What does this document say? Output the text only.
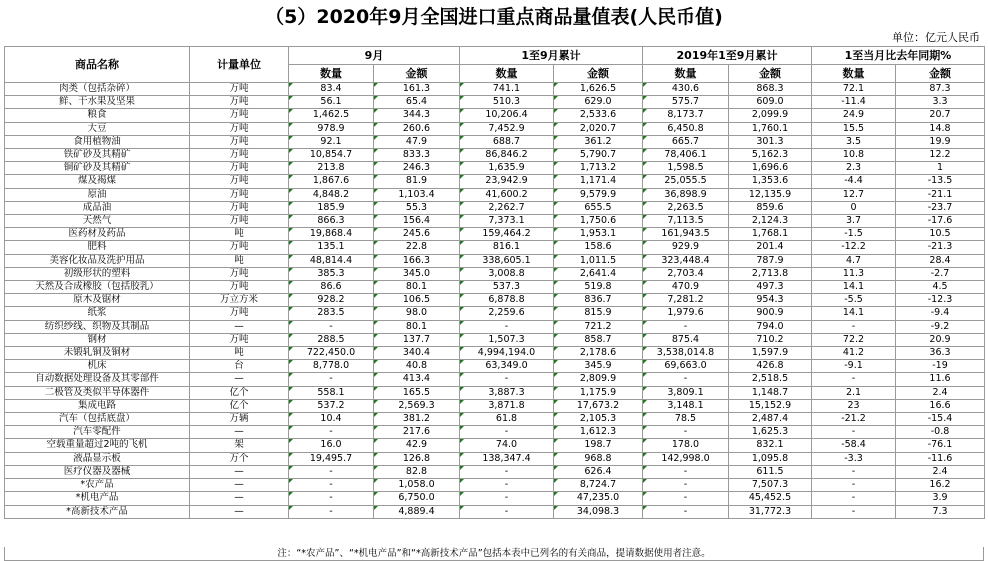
（5）2020年9月全国进口重点商品量值表(人民币值)
单位：亿元人民币
商品名称	计量单位	9月		1至9月累计		2019年1至9月累计		1至当月比去年同期%	
		数量	金额	数量	金额	数量	金额	数量	金额
肉类（包括杂碎）	万吨	83.4	161.3	741.1	1,626.5	430.6	868.3	72.1	87.3
鲜、干水果及坚果	万吨	56.1	65.4	510.3	629.0	575.7	609.0	-11.4	3.3
粮食	万吨	1,462.5	344.3	10,206.4	2,533.6	8,173.7	2,099.9	24.9	20.7
大豆	万吨	978.9	260.6	7,452.9	2,020.7	6,450.8	1,760.1	15.5	14.8
食用植物油	万吨	92.1	47.9	688.7	361.2	665.7	301.3	3.5	19.9
铁矿砂及其精矿	万吨	10,854.7	833.3	86,846.2	5,790.7	78,406.1	5,162.3	10.8	12.2
铜矿砂及其精矿	万吨	213.8	246.3	1,635.9	1,713.2	1,598.5	1,696.6	2.3	1
煤及褐煤	万吨	1,867.6	81.9	23,942.9	1,171.4	25,055.5	1,353.6	-4.4	-13.5
原油	万吨	4,848.2	1,103.4	41,600.2	9,579.9	36,898.9	12,135.9	12.7	-21.1
成品油	万吨	185.9	55.3	2,262.7	655.5	2,263.5	859.6	0	-23.7
天然气	万吨	866.3	156.4	7,373.1	1,750.6	7,113.5	2,124.3	3.7	-17.6
医药材及药品	吨	19,868.4	245.6	159,464.2	1,953.1	161,943.5	1,768.1	-1.5	10.5
肥料	万吨	135.1	22.8	816.1	158.6	929.9	201.4	-12.2	-21.3
美容化妆品及洗护用品	吨	48,814.4	166.3	338,605.1	1,011.5	323,448.4	787.9	4.7	28.4
初级形状的塑料	万吨	385.3	345.0	3,008.8	2,641.4	2,703.4	2,713.8	11.3	-2.7
天然及合成橡胶（包括胶乳）	万吨	86.6	80.1	537.3	519.8	470.9	497.3	14.1	4.5
原木及锯材	万立方米	928.2	106.5	6,878.8	836.7	7,281.2	954.3	-5.5	-12.3
纸浆	万吨	283.5	98.0	2,259.6	815.9	1,979.6	900.9	14.1	-9.4
纺织纱线、织物及其制品	—	-	80.1	-	721.2	-	794.0	-	-9.2
钢材	万吨	288.5	137.7	1,507.3	858.7	875.4	710.2	72.2	20.9
未锻轧铜及铜材	吨	722,450.0	340.4	4,994,194.0	2,178.6	3,538,014.8	1,597.9	41.2	36.3
机床	台	8,778.0	40.8	63,349.0	345.9	69,663.0	426.8	-9.1	-19
自动数据处理设备及其零部件	—	-	413.4	-	2,809.9	-	2,518.5	-	11.6
二极管及类似半导体器件	亿个	558.1	165.5	3,887.3	1,175.9	3,809.1	1,148.7	2.1	2.4
集成电路	亿个	537.2	2,569.3	3,871.8	17,673.2	3,148.1	15,152.9	23	16.6
汽车（包括底盘）	万辆	10.4	381.2	61.8	2,105.3	78.5	2,487.4	-21.2	-15.4
汽车零配件	—	-	217.6	-	1,612.3	-	1,625.3	-	-0.8
空载重量超过2吨的飞机	架	16.0	42.9	74.0	198.7	178.0	832.1	-58.4	-76.1
液晶显示板	万个	19,495.7	126.8	138,347.4	968.8	142,998.0	1,095.8	-3.3	-11.6
医疗仪器及器械	—	-	82.8	-	626.4	-	611.5	-	2.4
*农产品	—	-	1,058.0	-	8,724.7	-	7,507.3	-	16.2
*机电产品	—	-	6,750.0	-	47,235.0	-	45,452.5	-	3.9
*高新技术产品	—	-	4,889.4	-	34,098.3	-	31,772.3	-	7.3
注：“*农产品”、“*机电产品”和“*高新技术产品”包括本表中已列名的有关商品，提请数据使用者注意。
